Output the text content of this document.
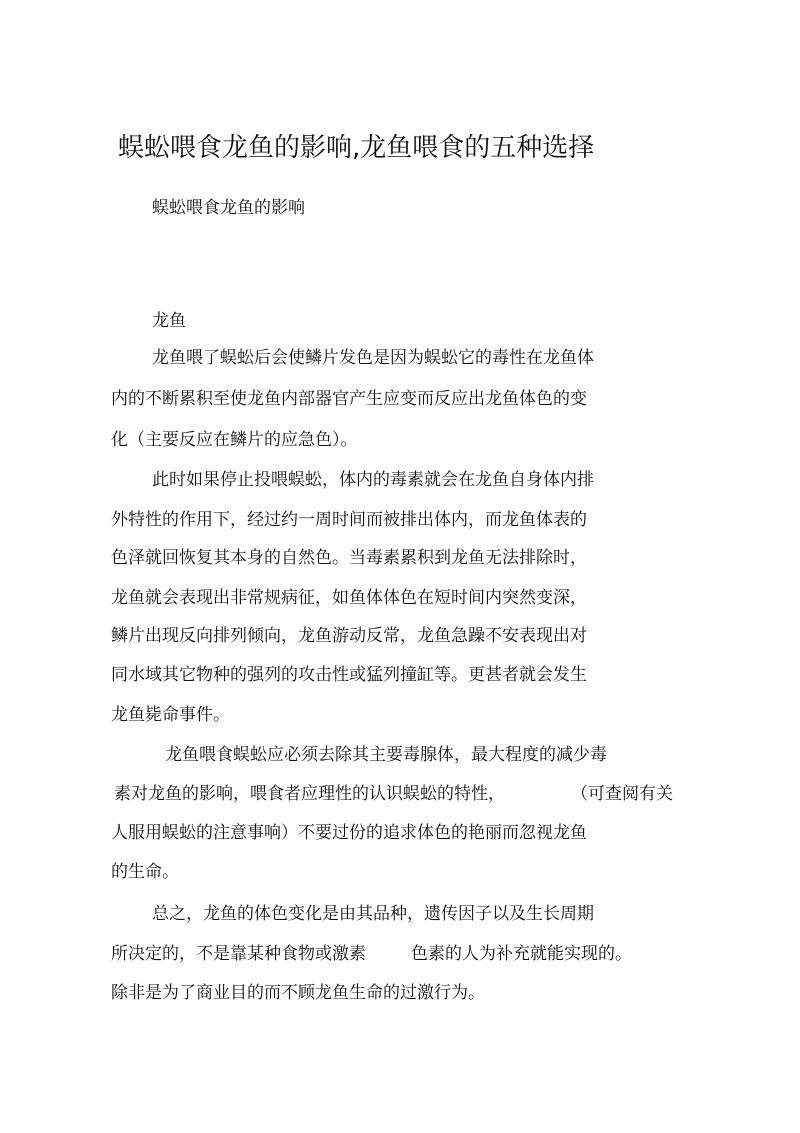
蜈蚣喂食龙鱼的影响,龙鱼喂食的五种选择
蜈蚣喂食龙鱼的影响
龙鱼
龙鱼喂了蜈蚣后会使鳞片发色是因为蜈蚣它的毒性在龙鱼体
内的不断累积至使龙鱼内部器官产生应变而反应出龙鱼体色的变
化（主要反应在鳞片的应急色）。
此时如果停止投喂蜈蚣，体内的毒素就会在龙鱼自身体内排
外特性的作用下，经过约一周时间而被排出体内，而龙鱼体表的
色泽就回恢复其本身的自然色。当毒素累积到龙鱼无法排除时，
龙鱼就会表现出非常规病征，如鱼体体色在短时间内突然变深，
鳞片出现反向排列倾向，龙鱼游动反常，龙鱼急躁不安表现出对
同水域其它物种的强列的攻击性或猛列撞缸等。更甚者就会发生
龙鱼毙命事件。
龙鱼喂食蜈蚣应必须去除其主要毒腺体，最大程度的减少毒
素对龙鱼的影响，喂食者应理性的认识蜈蚣的特性，	（可查阅有关
人服用蜈蚣的注意事响）不要过份的追求体色的艳丽而忽视龙鱼
的生命。
总之，龙鱼的体色变化是由其品种，遗传因子以及生长周期
所决定的，不是靠某种食物或激素	色素的人为补充就能实现的。
除非是为了商业目的而不顾龙鱼生命的过激行为。
